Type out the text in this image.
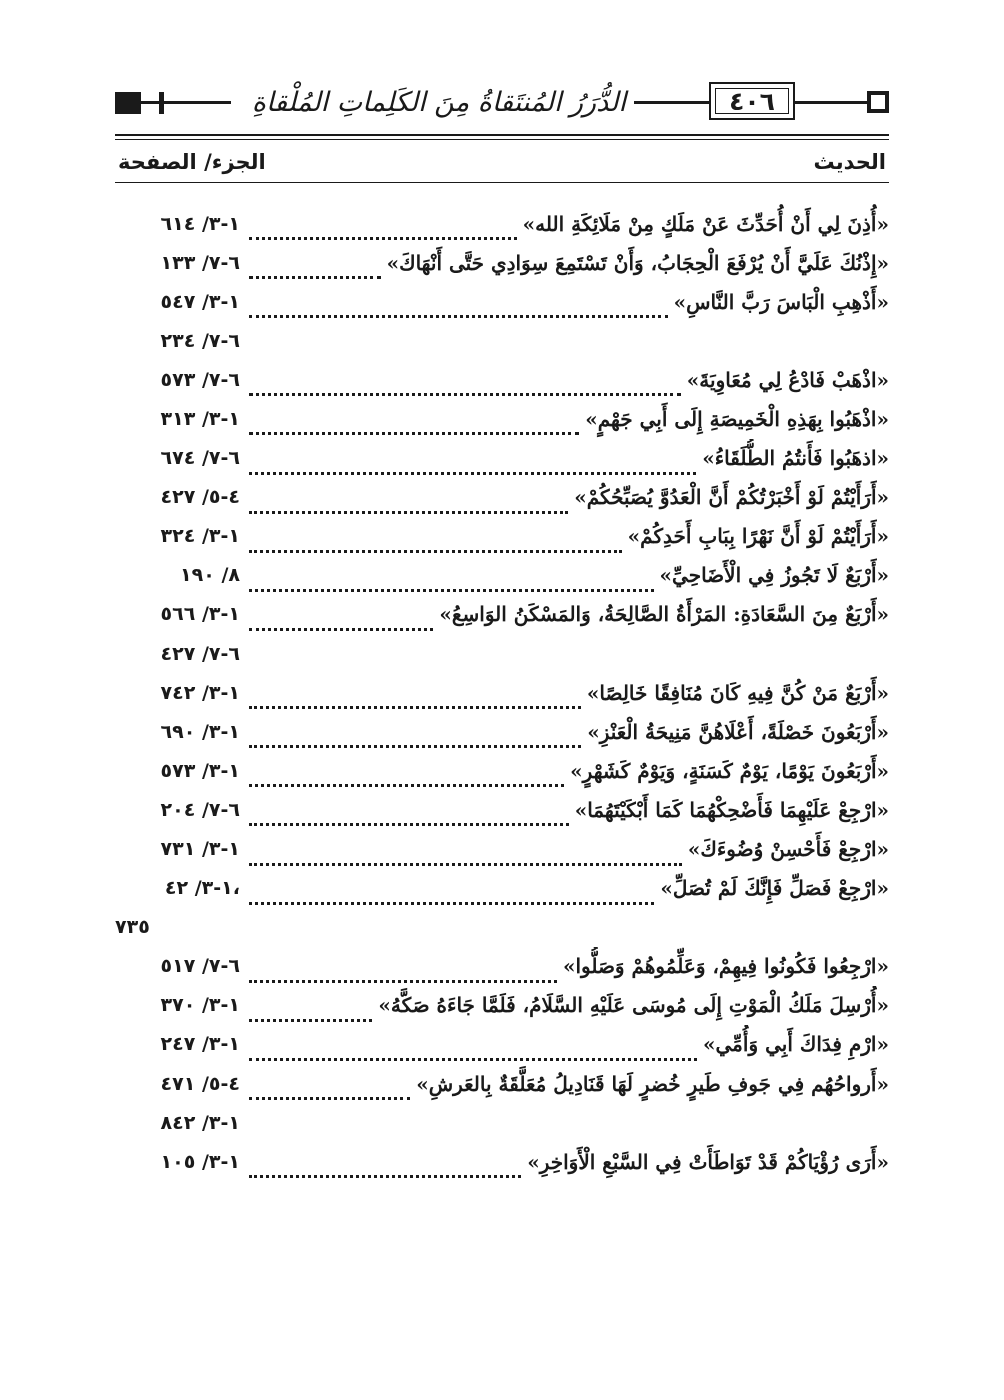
٤٠٦
الدُّرَرُ المُنتَقاةُ مِنَ الكَلِماتِ المُلْقاةِ
الحديث
الجزء/ الصفحة
«أُذِنَ لِي أَنْ أُحَدِّثَ عَنْ مَلَكٍ مِنْ مَلَائِكَةِ الله»
١-٣/ ٦١٤
«إِذْنُكَ عَلَيَّ أَنْ يُرْفَعَ الْحِجَابُ، وَأَنْ تَسْتَمِعَ سِوَادِي حَتَّى أَنْهَاكَ»
٦-٧/ ١٣٣
«أَذْهِبِ الْبَاسَ رَبَّ النَّاسِ»
١-٣/ ٥٤٧
٦-٧/ ٢٣٤
«اذْهَبْ فَادْعُ لِي مُعَاوِيَةَ»
٦-٧/ ٥٧٣
«اذْهَبُوا بِهَذِهِ الْخَمِيصَةِ إِلَى أَبِي جَهْمٍ»
١-٣/ ٣١٣
«اذهَبُوا فَأَنتُمُ الطُّلَقَاءُ»
٦-٧/ ٦٧٤
«أَرَأَيْتُمْ لَوْ أَخْبَرْتُكُمْ أَنَّ الْعَدُوَّ يُصَبِّحُكُمْ»
٤-٥/ ٤٢٧
«أَرَأَيْتُمْ لَوْ أَنَّ نَهْرًا بِبَابِ أَحَدِكُمْ»
١-٣/ ٣٢٤
«أَرْبَعٌ لَا تَجُوزُ فِي الْأَضَاحِيِّ»
٨/ ١٩٠
«أَرْبَعٌ مِنَ السَّعَادَةِ: المَرْأَةُ الصَّالِحَةُ، وَالمَسْكَنُ الوَاسِعُ»
١-٣/ ٥٦٦
٦-٧/ ٤٢٧
«أَرْبَعٌ مَنْ كُنَّ فِيهِ كَانَ مُنَافِقًا خَالِصًا»
١-٣/ ٧٤٢
«أَرْبَعُونَ خَصْلَةً، أَعْلَاهُنَّ مَنِيحَةُ الْعَنْزِ»
١-٣/ ٦٩٠
«أَرْبَعُونَ يَوْمًا، يَوْمٌ كَسَنَةٍ، وَيَوْمٌ كَشَهْرٍ»
١-٣/ ٥٧٣
«ارْجِعْ عَلَيْهِمَا فَأَضْحِكْهُمَا كَمَا أَبْكَيْتَهُمَا»
٦-٧/ ٢٠٤
«ارْجِعْ فَأَحْسِنْ وُضُوءَكَ»
١-٣/ ٧٣١
«ارْجِعْ فَصَلِّ فَإِنَّكَ لَمْ تُصَلِّ»
١-٣/ ٤٢،
٧٣٥
«ارْجِعُوا فَكُونُوا فِيهِمْ، وَعَلِّمُوهُمْ وَصَلُّوا»
٦-٧/ ٥١٧
«أُرْسِلَ مَلَكُ الْمَوْتِ إِلَى مُوسَى عَلَيْهِ السَّلَامُ، فَلَمَّا جَاءَهُ صَكَّهُ»
١-٣/ ٣٧٠
«ارْمِ فِدَاكَ أَبِي وَأُمِّي»
١-٣/ ٢٤٧
«أَرواحُهُم فِي جَوفِ طَيرٍ خُضرٍ لَهَا قَنَادِيلُ مُعَلَّقَةٌ بِالعَرشِ»
٤-٥/ ٤٧١
١-٣/ ٨٤٢
«أَرَى رُؤْيَاكُمْ قَدْ تَوَاطَأَتْ فِي السَّبْعِ الْأَوَاخِرِ»
١-٣/ ١٠٥
